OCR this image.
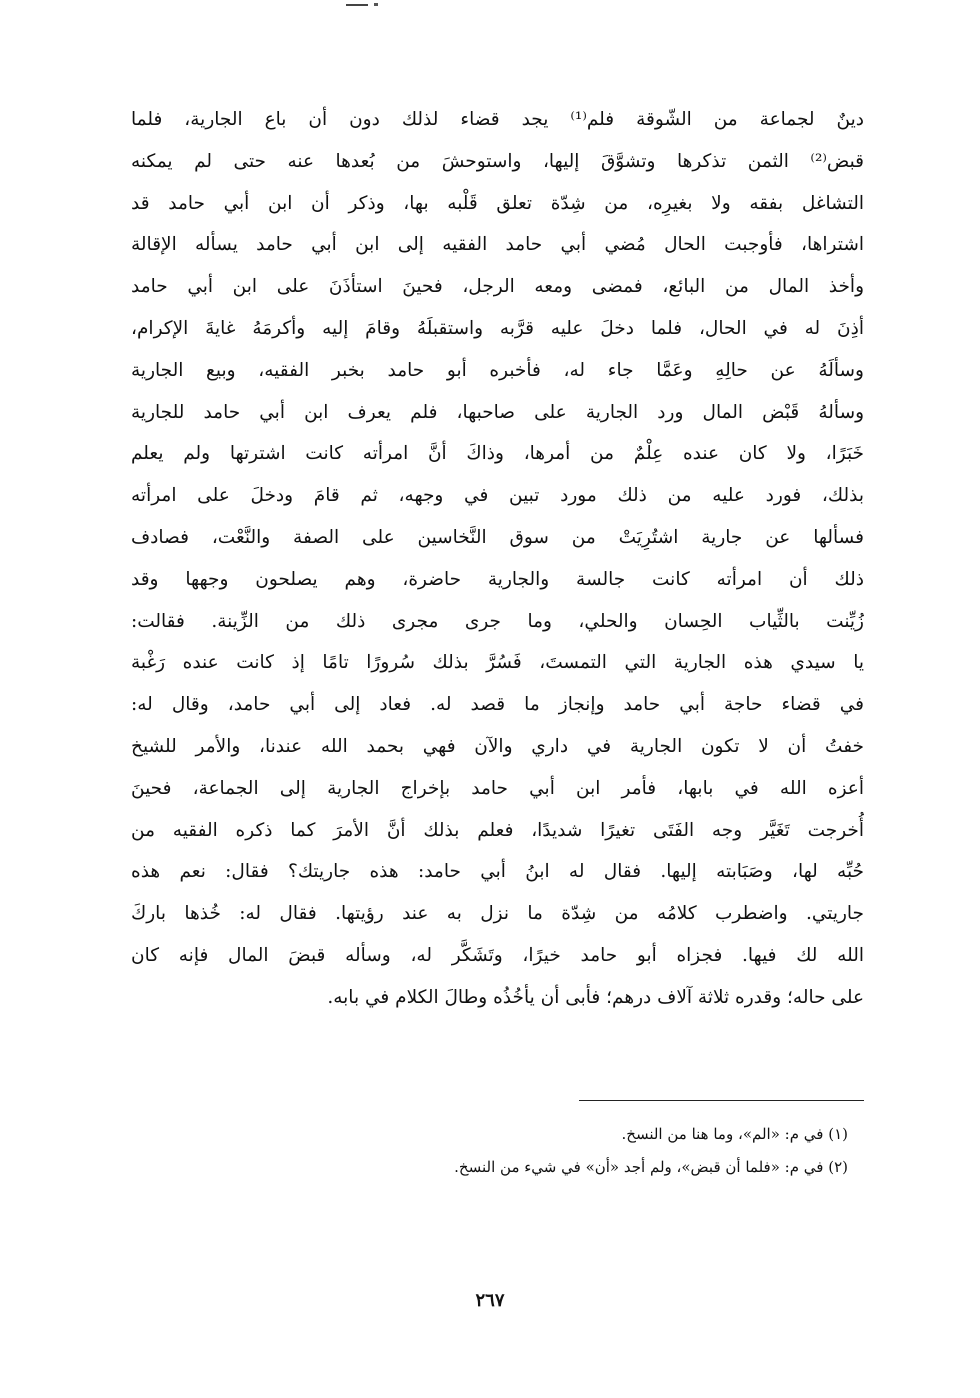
دينٌ لجماعة من الشّوقة فلم⁽¹⁾ يجد قضاء لذلك دون أن باع الجارية، فلما
قبض⁽²⁾ الثمن تذكرها وتشوَّقَ إليها، واستوحشَ من بُعدها عنه حتى لم يمكنه
التشاغل بفقه ولا بغيرِه، من شِدّة تعلق قَلْبه بها، وذكر أن ابن أبي حامد قد
اشتراها، فأوجبت الحال مُضي أبي حامد الفقيه إلى ابن أبي حامد يسأله الإقالة
وأخذ المال من البائع، فمضى ومعه الرجل، فحينَ استأذَنَ على ابن أبي حامد
أذِنَ له في الحال، فلما دخلَ عليه قرَّبه واستقبلَهُ وقامَ إليه وأكرمَهُ غايةَ الإكرام،
وسألَهُ عن حالِهِ وعَمَّا جاء له، فأخبره أبو حامد بخبر الفقيه، وبيع الجارية
وسألهُ قَبْض المال ورد الجارية على صاحبها، فلم يعرف ابن أبي حامد للجارية
خَبَرًا، ولا كان عنده عِلْمٌ من أمرها، وذاكَ أنَّ امرأته كانت اشترتها ولم يعلم
بذلك، فورد عليه من ذلك مورد تبين في وجهه، ثم قامَ ودخلَ على امرأته
فسألها عن جارية اشتُرِيَتْ من سوق النَّخاسين على الصفة والنَّعْت، فصادف
ذلك أن امرأته كانت جالسة والجارية حاضرة، وهم يصلحون وجهها وقد
زُيِّنت بالثِّياب الحِسان والحلي، وما جرى مجرى ذلك من الزِّينة. فقالت:
يا سيدي هذه الجارية التي التمستَ، فَسُرَّ بذلك سُرورًا تامًا إذ كانت عنده رَغْبة
في قضاء حاجة أبي حامد وإنجاز ما قصد له. فعاد إلى أبي حامد، وقال له:
خفتُ أن لا تكون الجارية في داري والآن فهي بحمد الله عندنا، والأمر للشيخ
أعزه الله في بابها، فأمر ابن أبي حامد بإخراج الجارية إلى الجماعة، فحينَ
أُخرجت تَغَيَّر وجه الفَتَى تغيرًا شديدًا، فعلم بذلك أنَّ الأمرَ كما ذكره الفقيه من
حُبِّه لها، وصَبَابته إليها. فقال له ابنُ أبي حامد: هذه جاريتك؟ فقال: نعم هذه
جاريتي. واضطرب كلامُه من شِدّة ما نزل به عند رؤيتها. فقال له: خُذها باركَ
الله لك فيها. فجزاه أبو حامد خيرًا، وتَشَكَّر له، وسأله قبضَ المال فإنه كان
على حاله؛ وقدره ثلاثة آلاف درهم؛ فأبى أن يأخُذُه وطالَ الكلام في بابه.
(١) في م: «الم»، وما هنا من النسخ.
(٢) في م: «فلما أن قبض»، ولم أجد «أن» في شيء من النسخ.
٢٦٧
